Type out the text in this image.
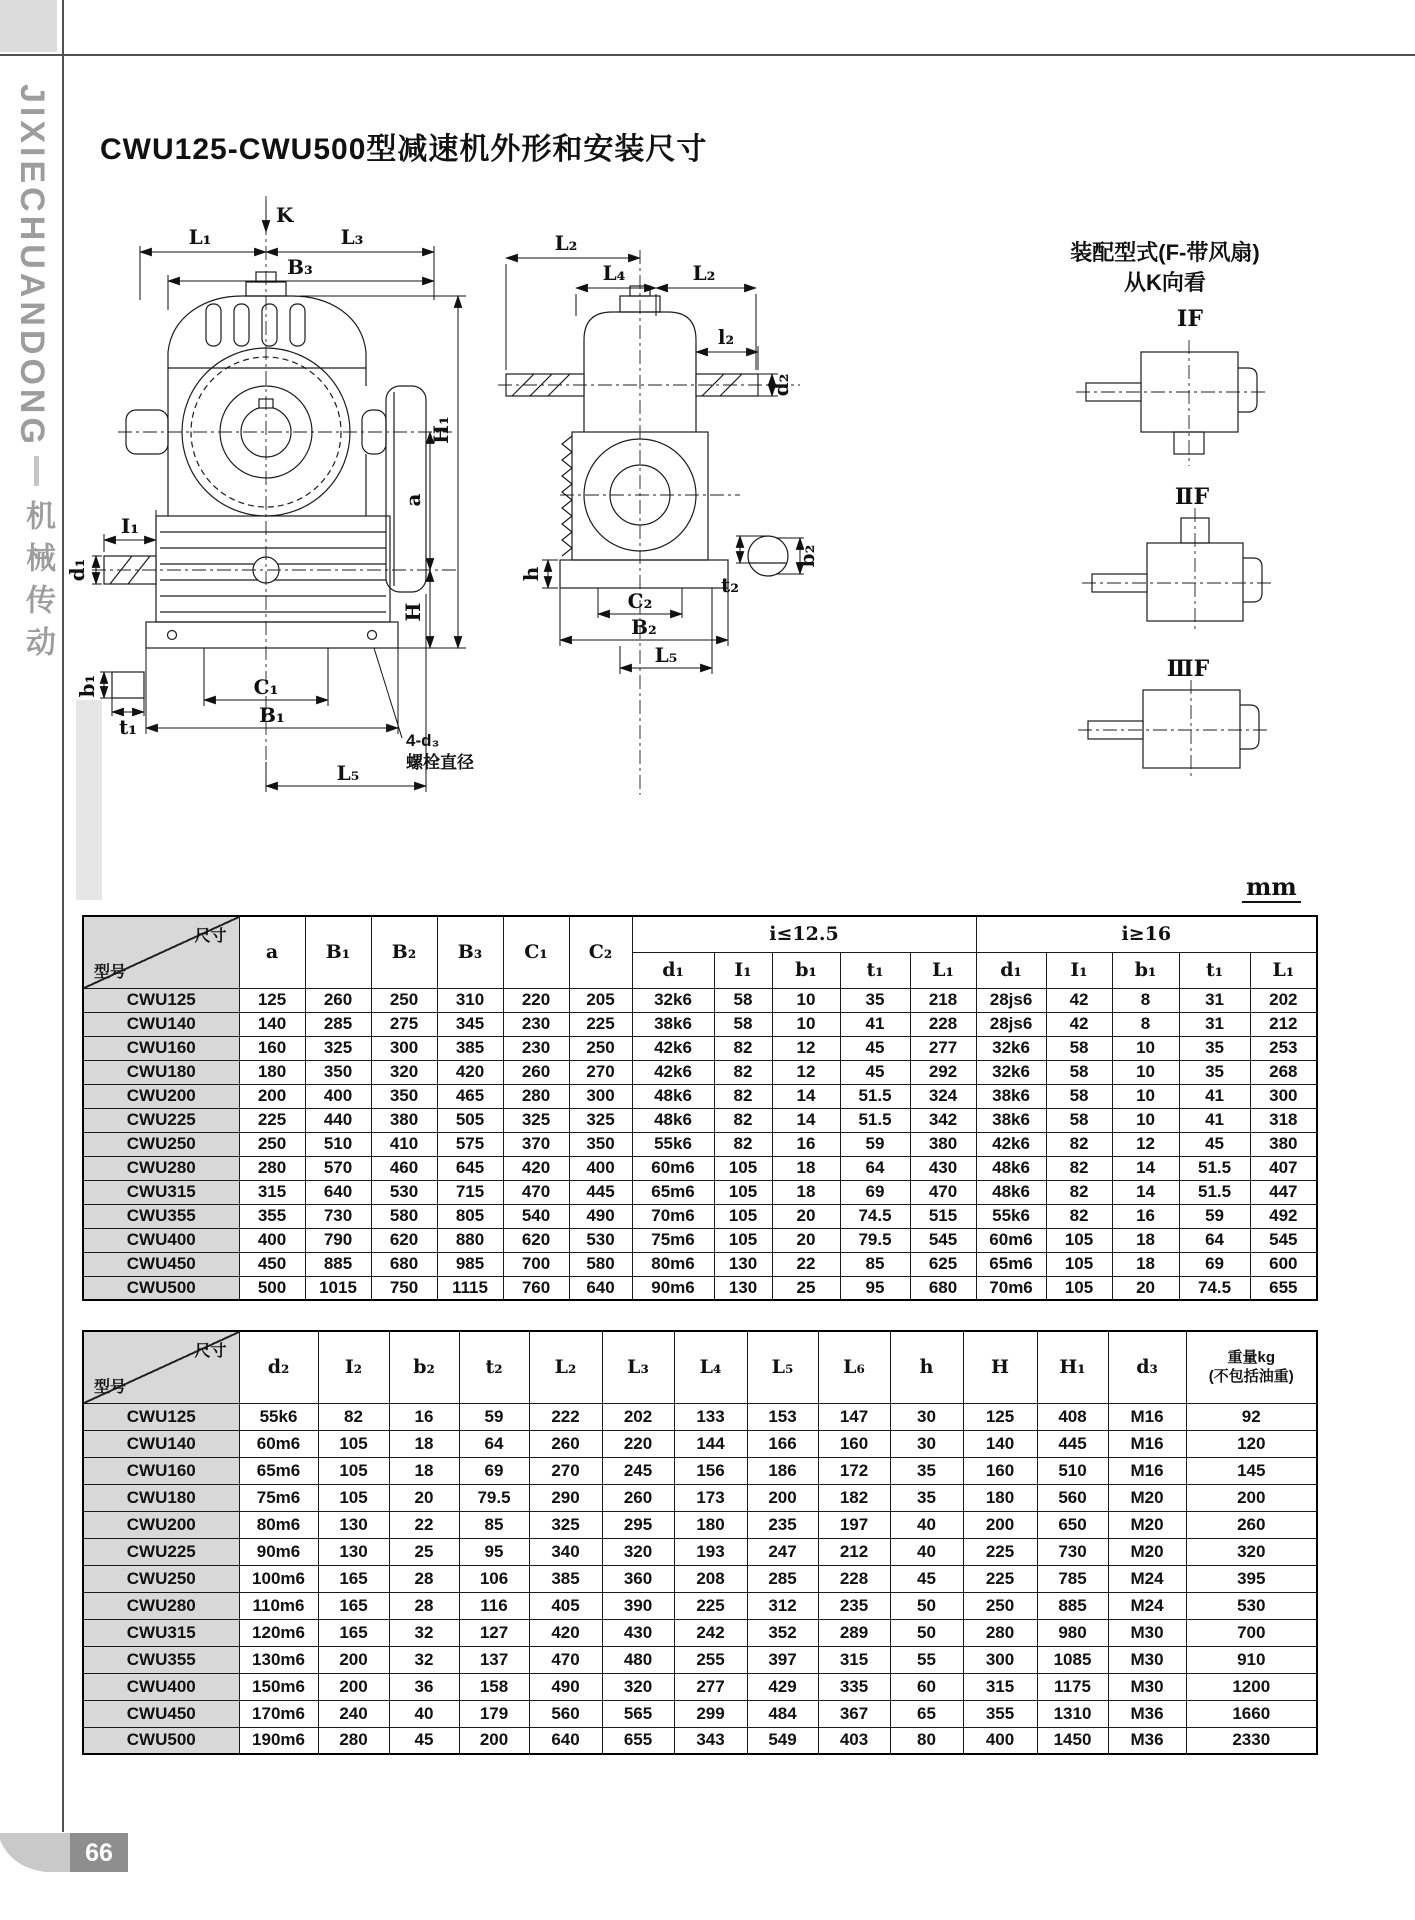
JIXIECHUANDONG
机械传动
CWU125-CWU500型减速机外形和安装尺寸
mm
K
L₁	L₃
B₃
I₁
d₁
b₁
t₁
C₁
B₁
L₅
4-d₃
螺栓直径
a
H
H₁
L₂
L₄	L₂
l₂
d₂
h
C₂
B₂
L₅
t₂
b₂
装配型式(F-带风扇)
从K向看
ⅠF
ⅡF
ⅢF
尺寸
型号	a	B₁	B₂	B₃	C₁	C₂	i≤12.5					i≥16				
							d₁	I₁	b₁	t₁	L₁	d₁	I₁	b₁	t₁	L₁
CWU125	125	260	250	310	220	205	32k6	58	10	35	218	28js6	42	8	31	202
CWU140	140	285	275	345	230	225	38k6	58	10	41	228	28js6	42	8	31	212
CWU160	160	325	300	385	230	250	42k6	82	12	45	277	32k6	58	10	35	253
CWU180	180	350	320	420	260	270	42k6	82	12	45	292	32k6	58	10	35	268
CWU200	200	400	350	465	280	300	48k6	82	14	51.5	324	38k6	58	10	41	300
CWU225	225	440	380	505	325	325	48k6	82	14	51.5	342	38k6	58	10	41	318
CWU250	250	510	410	575	370	350	55k6	82	16	59	380	42k6	82	12	45	380
CWU280	280	570	460	645	420	400	60m6	105	18	64	430	48k6	82	14	51.5	407
CWU315	315	640	530	715	470	445	65m6	105	18	69	470	48k6	82	14	51.5	447
CWU355	355	730	580	805	540	490	70m6	105	20	74.5	515	55k6	82	16	59	492
CWU400	400	790	620	880	620	530	75m6	105	20	79.5	545	60m6	105	18	64	545
CWU450	450	885	680	985	700	580	80m6	130	22	85	625	65m6	105	18	69	600
CWU500	500	1015	750	1115	760	640	90m6	130	25	95	680	70m6	105	20	74.5	655
尺寸
型号
	d₂	I₂	b₂	t₂	L₂	L₃	L₄	L₅	L₆	h	H	H₁	d₃	重量kg
(不包括油重)

CWU125	55k6	82	16	59	222	202	133	153	147	30	125	408	M16	92
CWU140	60m6	105	18	64	260	220	144	166	160	30	140	445	M16	120
CWU160	65m6	105	18	69	270	245	156	186	172	35	160	510	M16	145
CWU180	75m6	105	20	79.5	290	260	173	200	182	35	180	560	M20	200
CWU200	80m6	130	22	85	325	295	180	235	197	40	200	650	M20	260
CWU225	90m6	130	25	95	340	320	193	247	212	40	225	730	M20	320
CWU250	100m6	165	28	106	385	360	208	285	228	45	225	785	M24	395
CWU280	110m6	165	28	116	405	390	225	312	235	50	250	885	M24	530
CWU315	120m6	165	32	127	420	430	242	352	289	50	280	980	M30	700
CWU355	130m6	200	32	137	470	480	255	397	315	55	300	1085	M30	910
CWU400	150m6	200	36	158	490	320	277	429	335	60	315	1175	M30	1200
CWU450	170m6	240	40	179	560	565	299	484	367	65	355	1310	M36	1660
CWU500	190m6	280	45	200	640	655	343	549	403	80	400	1450	M36	2330
66
